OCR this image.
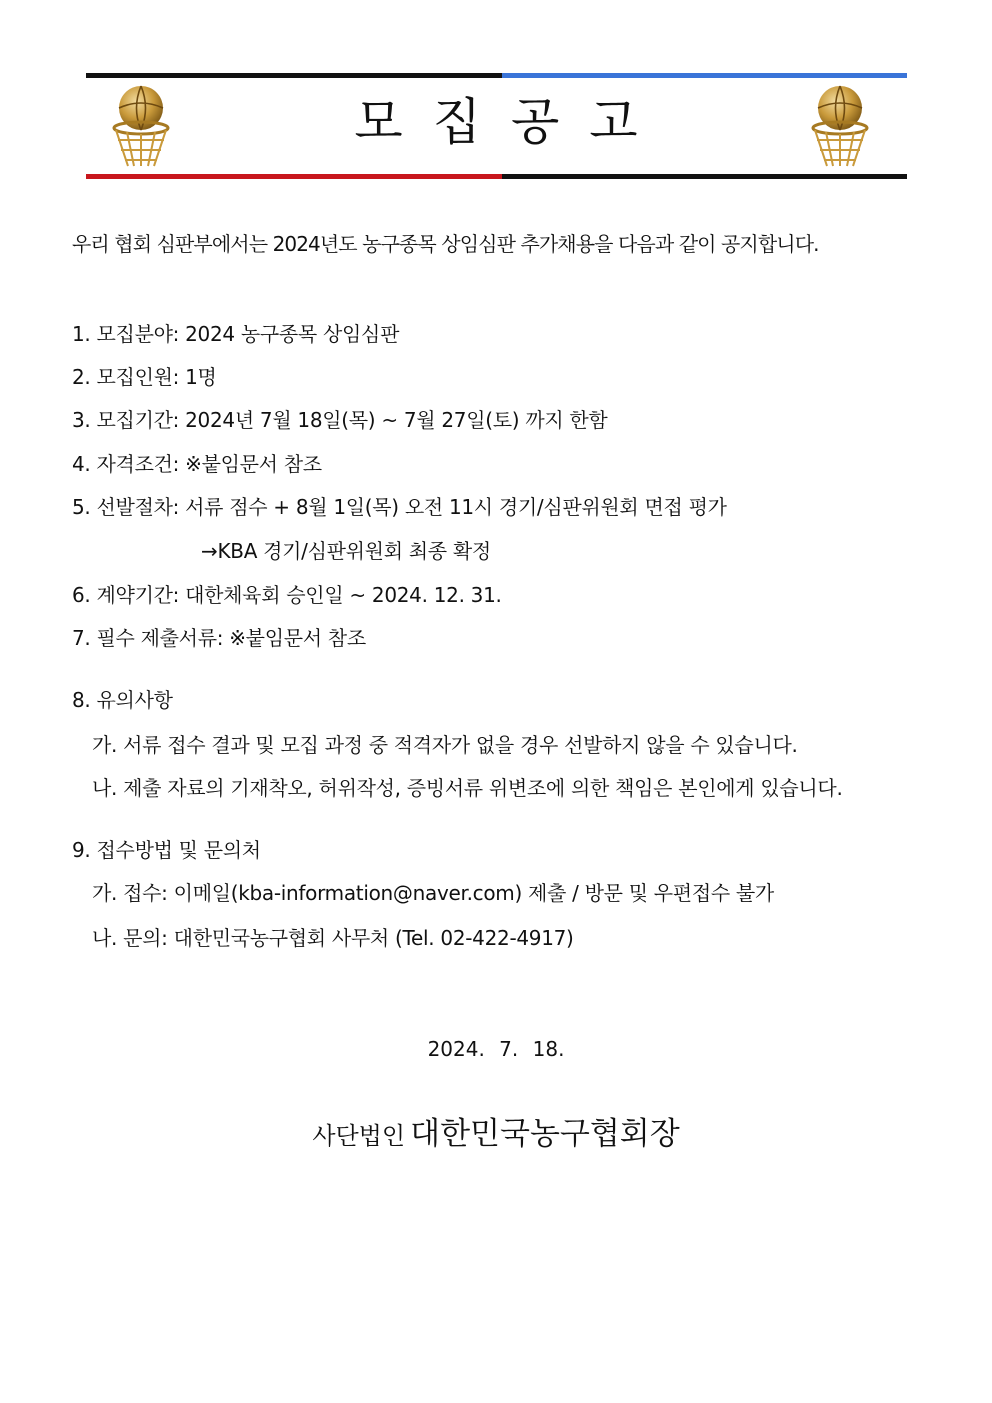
모집공고
우리 협회 심판부에서는 2024년도 농구종목 상임심판 추가채용을 다음과 같이 공지합니다.
1. 모집분야: 2024 농구종목 상임심판
2. 모집인원: 1명
3. 모집기간: 2024년 7월 18일(목) ~ 7월 27일(토) 까지 한함
4. 자격조건: ※붙임문서 참조
5. 선발절차: 서류 점수 + 8월 1일(목) 오전 11시 경기/심판위원회 면접 평가
→KBA 경기/심판위원회 최종 확정
6. 계약기간: 대한체육회 승인일 ~ 2024. 12. 31.
7. 필수 제출서류: ※붙임문서 참조
8. 유의사항
가. 서류 접수 결과 및 모집 과정 중 적격자가 없을 경우 선발하지 않을 수 있습니다.
나. 제출 자료의 기재착오, 허위작성, 증빙서류 위변조에 의한 책임은 본인에게 있습니다.
9. 접수방법 및 문의처
가. 접수: 이메일(kba-information@naver.com) 제출 / 방문 및 우편접수 불가
나. 문의: 대한민국농구협회 사무처 (Tel. 02-422-4917)
2024. 7. 18.
사단법인 대한민국농구협회장
